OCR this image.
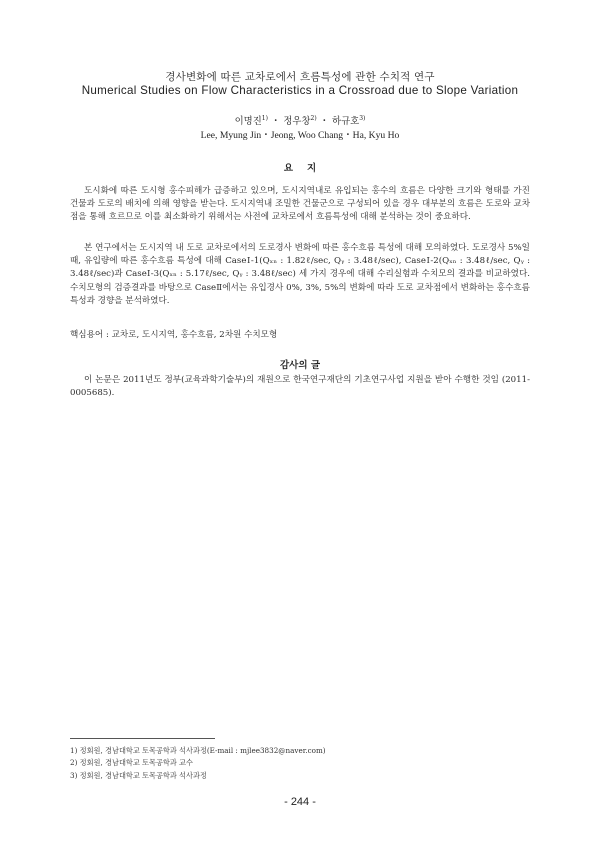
경사변화에 따른 교차로에서 흐름특성에 관한 수치적 연구
Numerical Studies on Flow Characteristics in a Crossroad due to Slope Variation
이명진$^{1)}$ ・ 정우창$^{2)}$ ・ 하규호$^{3)}$
Lee, Myung Jin・Jeong, Woo Chang・Ha, Kyu Ho
요지
도시화에 따른 도시형 홍수피해가 급증하고 있으며, 도시지역내로 유입되는 홍수의 흐름은 다양한 크기와 형태를 가진 건물과 도로의 배치에 의해 영향을 받는다. 도시지역내 조밀한 건물군으로 구성되어 있을 경우 대부분의 흐름은 도로와 교차점을 통해 흐르므로 이를 최소화하기 위해서는 사전에 교차로에서 흐름특성에 대해 분석하는 것이 중요하다.
본 연구에서는 도시지역 내 도로 교차로에서의 도로경사 변화에 따른 홍수흐름 특성에 대해 모의하였다. 도로경사 5%일 때, 유입량에 따른 홍수흐름 특성에 대해 CaseⅠ-1(Qₓₙ : 1.82ℓ/sec, Qᵧ : 3.48ℓ/sec), CaseⅠ-2(Qₓₙ : 3.48ℓ/sec, Qᵧ : 3.48ℓ/sec)과 CaseⅠ-3(Qₓₙ : 5.17ℓ/sec, Qᵧ : 3.48ℓ/sec) 세 가지 경우에 대해 수리실험과 수치모의 결과를 비교하였다. 수치모형의 검증결과를 바탕으로 CaseⅡ에서는 유입경사 0%, 3%, 5%의 변화에 따라 도로 교차점에서 변화하는 홍수흐름 특성과 경향을 분석하였다.
핵심용어 : 교차로, 도시지역, 홍수흐름, 2차원 수치모형
감사의 글
이 논문은 2011년도 정부(교육과학기술부)의 재원으로 한국연구재단의 기초연구사업 지원을 받아 수행한 것임 (2011-0005685).
1) 정회원, 경남대학교 토목공학과 석사과정(E-mail : mjlee3832@naver.com)
2) 정회원, 경남대학교 토목공학과 교수
3) 정회원, 경남대학교 토목공학과 석사과정
- 244 -
